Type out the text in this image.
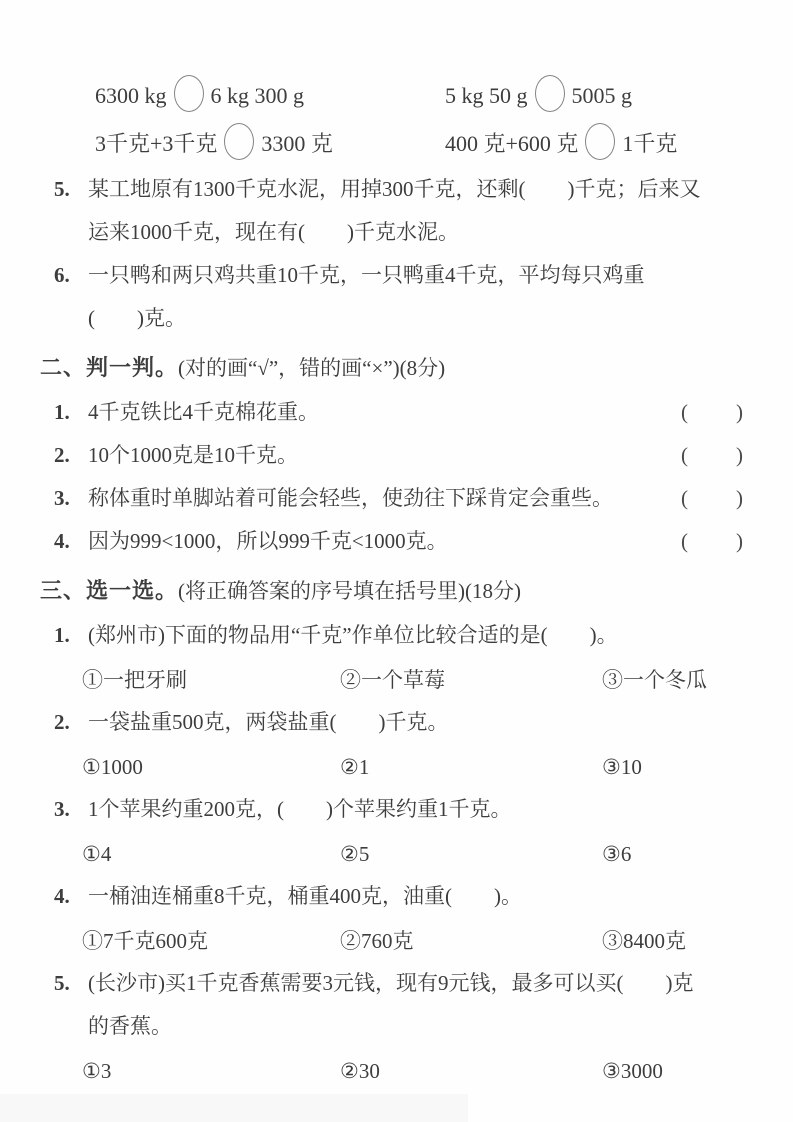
6300 kg 6 kg 300 g	5 kg 50 g 5005 g
3千克+3千克 3300 克	400 克+600 克 1千克
5. 某工地原有1300千克水泥，用掉300千克，还剩(　　)千克；后来又
运来1000千克，现在有(　　)千克水泥。
6. 一只鸭和两只鸡共重10千克，一只鸭重4千克，平均每只鸡重
(　　)克。
二、判一判。(对的画“√”，错的画“×”)(8分)
1. 4千克铁比4千克棉花重。	(　　)
2. 10个1000克是10千克。	(　　)
3. 称体重时单脚站着可能会轻些，使劲往下踩肯定会重些。	(　　)
4. 因为999<1000，所以999千克<1000克。	(　　)
三、选一选。(将正确答案的序号填在括号里)(18分)
1. (郑州市)下面的物品用“千克”作单位比较合适的是(　　)。
①一把牙刷	②一个草莓	③一个冬瓜
2. 一袋盐重500克，两袋盐重(　　)千克。
①1000	②1	③10
3. 1个苹果约重200克，(　　)个苹果约重1千克。
①4	②5	③6
4. 一桶油连桶重8千克，桶重400克，油重(　　)。
①7千克600克	②760克	③8400克
5. (长沙市)买1千克香蕉需要3元钱，现有9元钱，最多可以买(　　)克
的香蕉。
①3	②30	③3000
